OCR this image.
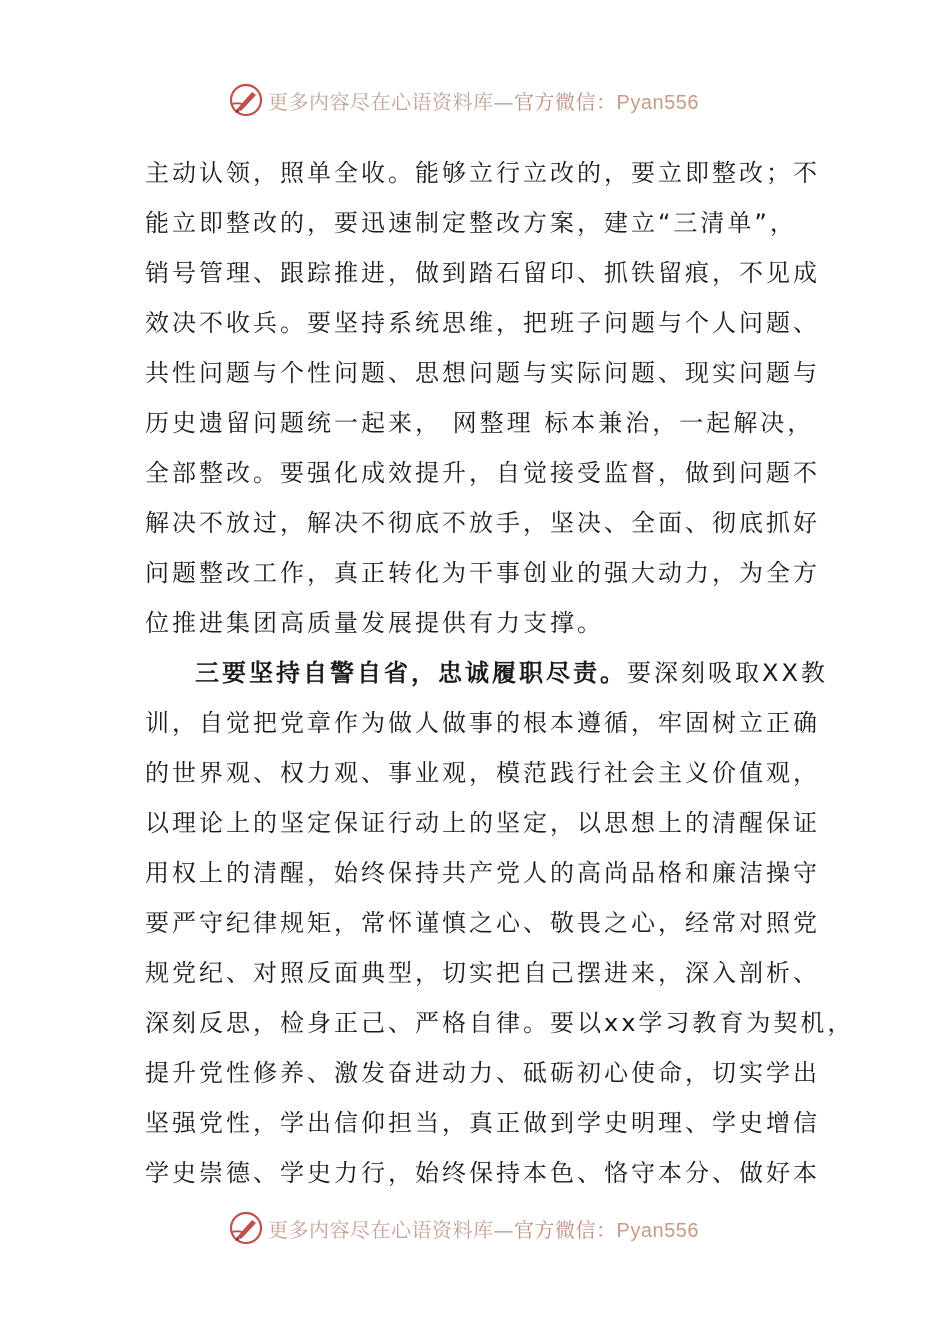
更多内容尽在心语资料库—官方微信：Pyan556
主动认领，照单全收。能够立行立改的，要立即整改；不
能立即整改的，要迅速制定整改方案，建立“三清单”，
销号管理、跟踪推进，做到踏石留印、抓铁留痕，不见成
效决不收兵。要坚持系统思维，把班子问题与个人问题、
共性问题与个性问题、思想问题与实际问题、现实问题与
历史遗留问题统一起来， 网整理 标本兼治，一起解决，
全部整改。要强化成效提升，自觉接受监督，做到问题不
解决不放过，解决不彻底不放手，坚决、全面、彻底抓好
问题整改工作，真正转化为干事创业的强大动力，为全方
位推进集团高质量发展提供有力支撑。
三要坚持自警自省，忠诚履职尽责。要深刻吸取XX教
训，自觉把党章作为做人做事的根本遵循，牢固树立正确
的世界观、权力观、事业观，模范践行社会主义价值观，
以理论上的坚定保证行动上的坚定，以思想上的清醒保证
用权上的清醒，始终保持共产党人的高尚品格和廉洁操守
要严守纪律规矩，常怀谨慎之心、敬畏之心，经常对照党
规党纪、对照反面典型，切实把自己摆进来，深入剖析、
深刻反思，检身正己、严格自律。要以xx学习教育为契机，
提升党性修养、激发奋进动力、砥砺初心使命，切实学出
坚强党性，学出信仰担当，真正做到学史明理、学史增信
学史崇德、学史力行，始终保持本色、恪守本分、做好本
更多内容尽在心语资料库—官方微信：Pyan556
